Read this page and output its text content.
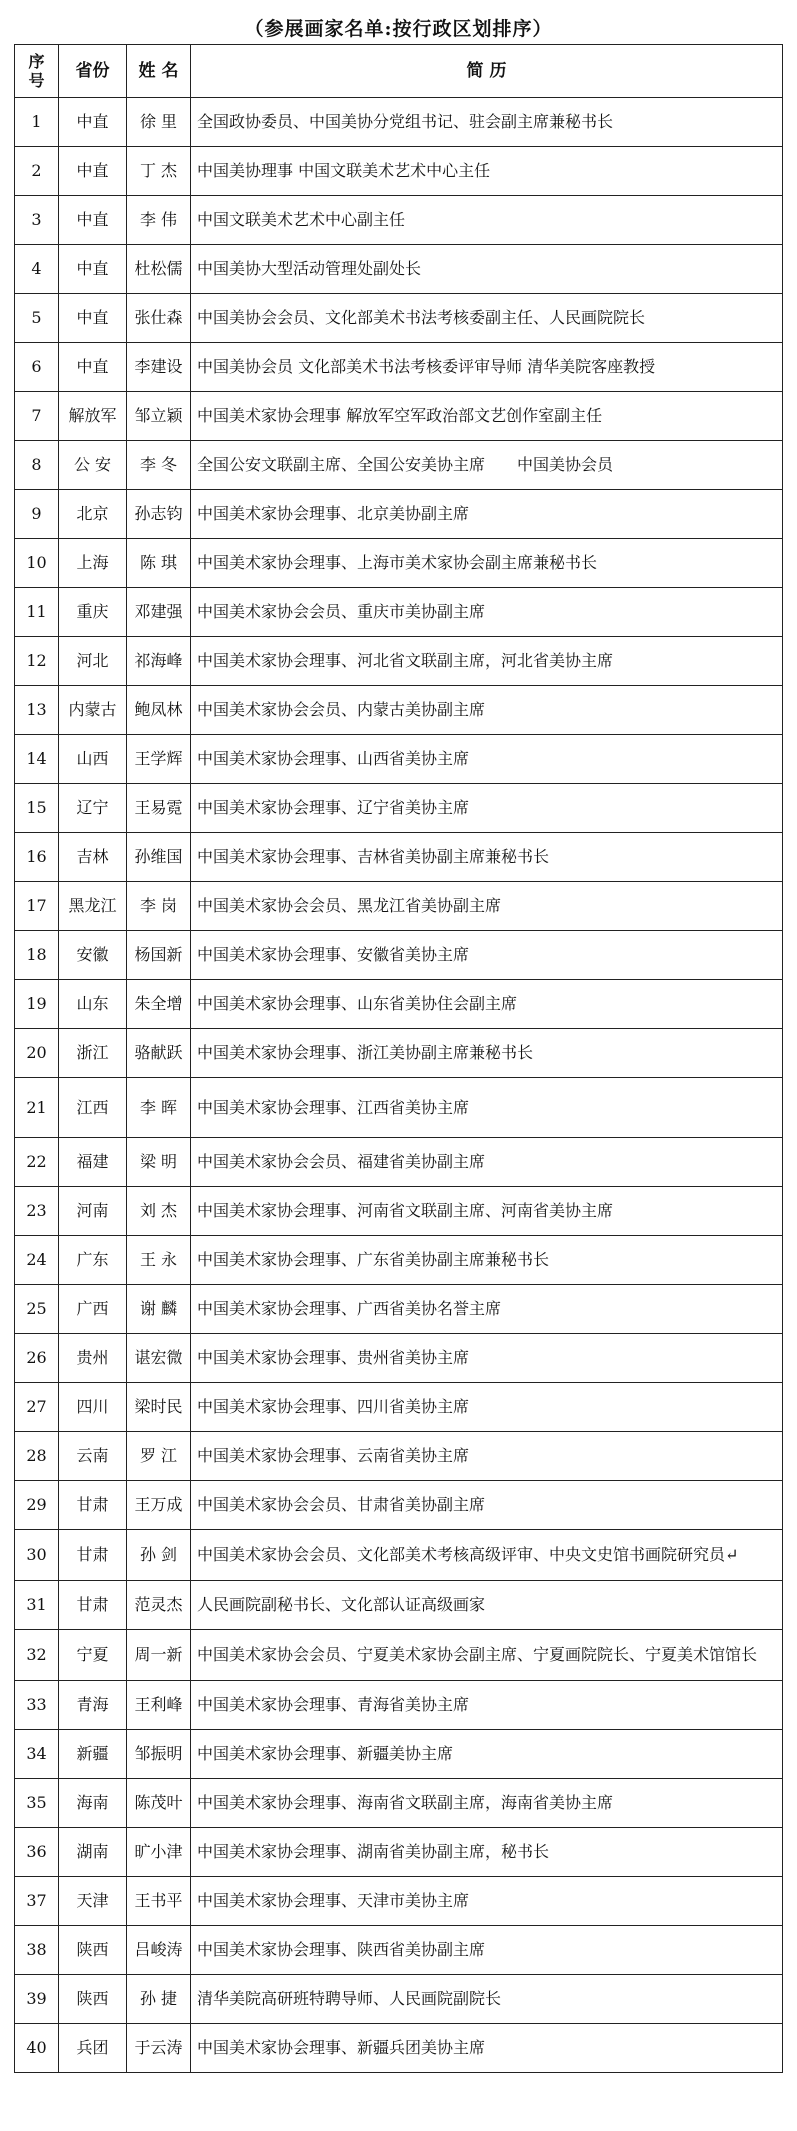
（参展画家名单:按行政区划排序）
序
号	省份	姓 名	简 历
1	中直	徐 里	全国政协委员、中国美协分党组书记、驻会副主席兼秘书长
2	中直	丁 杰	中国美协理事 中国文联美术艺术中心主任
3	中直	李 伟	中国文联美术艺术中心副主任
4	中直	杜松儒	中国美协大型活动管理处副处长
5	中直	张仕森	中国美协会会员、文化部美术书法考核委副主任、人民画院院长
6	中直	李建设	中国美协会员 文化部美术书法考核委评审导师 清华美院客座教授
7	解放军	邹立颖	中国美术家协会理事 解放军空军政治部文艺创作室副主任
8	公 安	李 冬	全国公安文联副主席、全国公安美协主席　　中国美协会员
9	北京	孙志钧	中国美术家协会理事、北京美协副主席
10	上海	陈 琪	中国美术家协会理事、上海市美术家协会副主席兼秘书长
11	重庆	邓建强	中国美术家协会会员、重庆市美协副主席
12	河北	祁海峰	中国美术家协会理事、河北省文联副主席，河北省美协主席
13	内蒙古	鲍凤林	中国美术家协会会员、内蒙古美协副主席
14	山西	王学辉	中国美术家协会理事、山西省美协主席
15	辽宁	王易霓	中国美术家协会理事、辽宁省美协主席
16	吉林	孙维国	中国美术家协会理事、吉林省美协副主席兼秘书长
17	黑龙江	李 岗	中国美术家协会会员、黑龙江省美协副主席
18	安徽	杨国新	中国美术家协会理事、安徽省美协主席
19	山东	朱全增	中国美术家协会理事、山东省美协住会副主席
20	浙江	骆献跃	中国美术家协会理事、浙江美协副主席兼秘书长
21	江西	李 晖	中国美术家协会理事、江西省美协主席
22	福建	梁 明	中国美术家协会会员、福建省美协副主席
23	河南	刘 杰	中国美术家协会理事、河南省文联副主席、河南省美协主席
24	广东	王 永	中国美术家协会理事、广东省美协副主席兼秘书长
25	广西	谢 麟	中国美术家协会理事、广西省美协名誉主席
26	贵州	谌宏微	中国美术家协会理事、贵州省美协主席
27	四川	梁时民	中国美术家协会理事、四川省美协主席
28	云南	罗 江	中国美术家协会理事、云南省美协主席
29	甘肃	王万成	中国美术家协会会员、甘肃省美协副主席
30	甘肃	孙 剑	中国美术家协会会员、文化部美术考核高级评审、中央文史馆书画院研究员↵
31	甘肃	范灵杰	人民画院副秘书长、文化部认证高级画家
32	宁夏	周一新	中国美术家协会会员、宁夏美术家协会副主席、宁夏画院院长、宁夏美术馆馆长
33	青海	王利峰	中国美术家协会理事、青海省美协主席
34	新疆	邹振明	中国美术家协会理事、新疆美协主席
35	海南	陈茂叶	中国美术家协会理事、海南省文联副主席，海南省美协主席
36	湖南	旷小津	中国美术家协会理事、湖南省美协副主席，秘书长
37	天津	王书平	中国美术家协会理事、天津市美协主席
38	陕西	吕峻涛	中国美术家协会理事、陕西省美协副主席
39	陕西	孙 捷	清华美院高研班特聘导师、人民画院副院长
40	兵团	于云涛	中国美术家协会理事、新疆兵团美协主席
